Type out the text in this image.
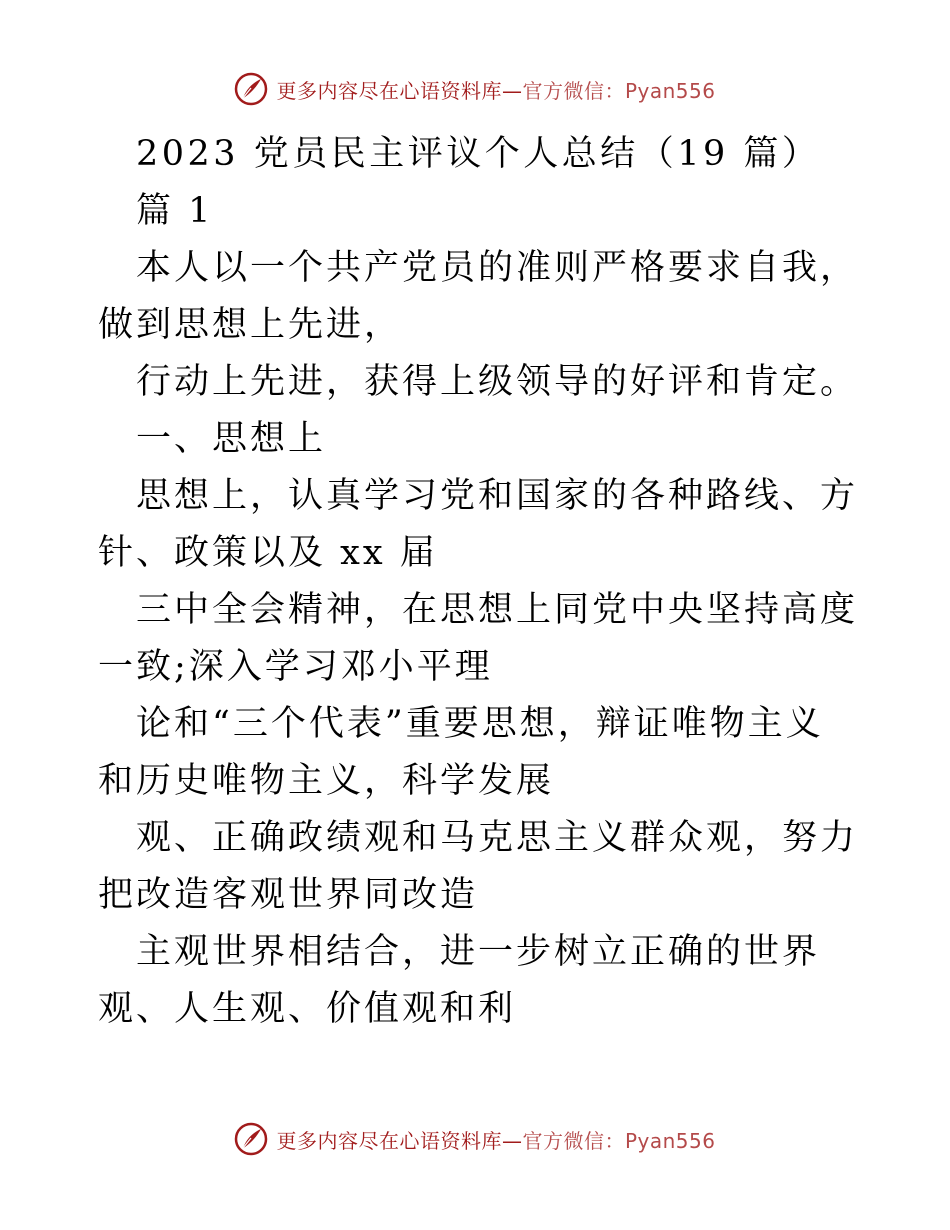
更多内容尽在心语资料库—官方微信：Pyan556

2023 党员民主评议个人总结（19 篇）

篇 1

本人以一个共产党员的准则严格要求自我，做到思想上先进，

行动上先进，获得上级领导的好评和肯定。

一、思想上

思想上，认真学习党和国家的各种路线、方针、政策以及 xx 届

三中全会精神，在思想上同党中央坚持高度一致;深入学习邓小平理

论和“三个代表”重要思想，辩证唯物主义和历史唯物主义，科学发展

观、正确政绩观和马克思主义群众观，努力把改造客观世界同改造

主观世界相结合，进一步树立正确的世界观、人生观、价值观和利

更多内容尽在心语资料库—官方微信：Pyan556
